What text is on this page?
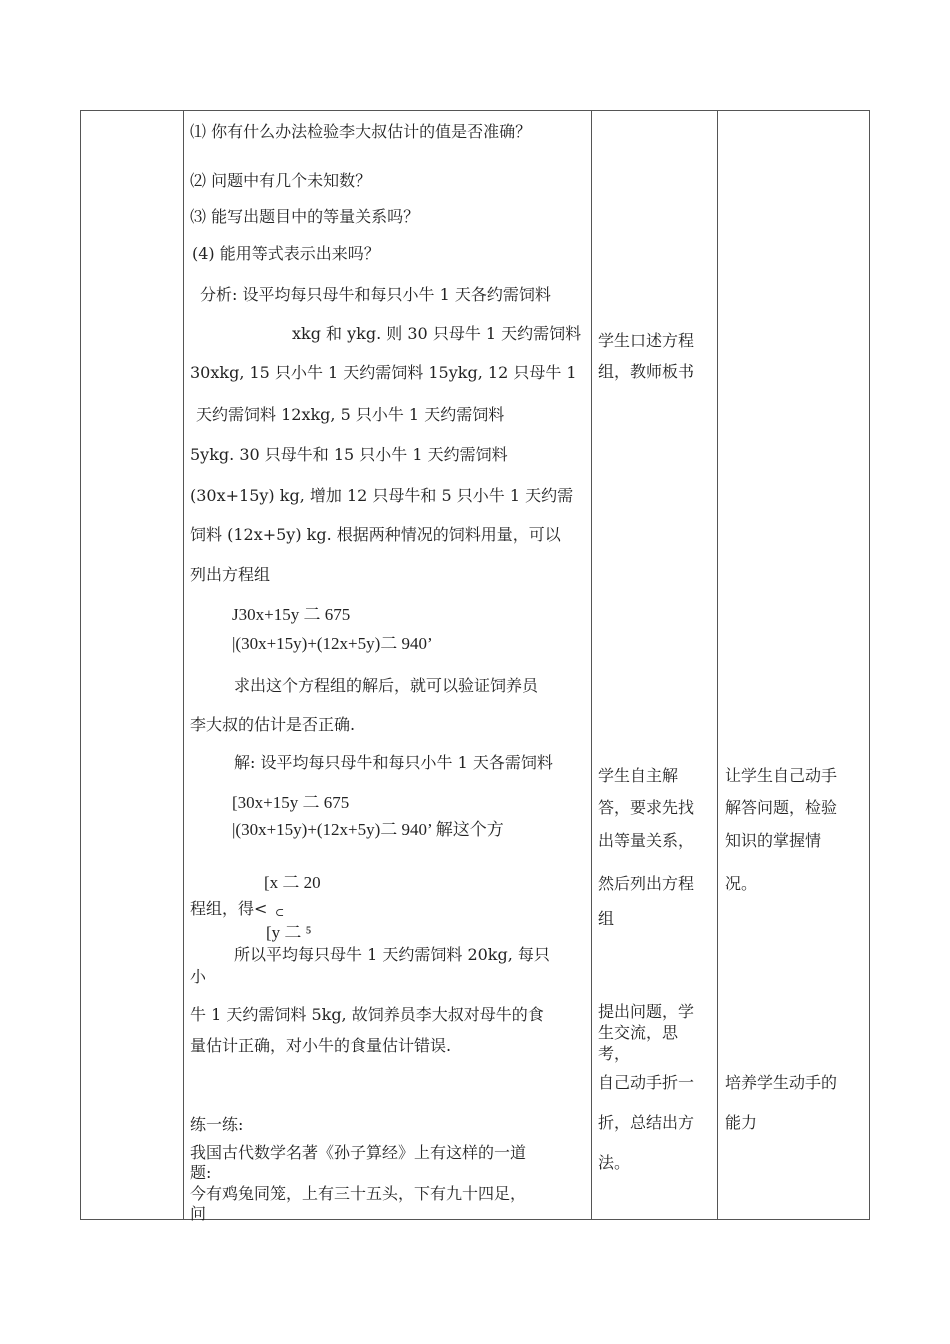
⑴ 你有什么办法检验李大叔估计的值是否准确？
⑵ 问题中有几个未知数？
⑶ 能写出题目中的等量关系吗？
(4) 能用等式表示出来吗？
分析: 设平均每只母牛和每只小牛 1 天各约需饲料
xkg 和 ykg. 则 30 只母牛 1 天约需饲料
30xkg, 15 只小牛 1 天约需饲料 15ykg, 12 只母牛 1
天约需饲料 12xkg, 5 只小牛 1 天约需饲料
5ykg. 30 只母牛和 15 只小牛 1 天约需饲料
(30x+15y) kg, 增加 12 只母牛和 5 只小牛 1 天约需
饲料 (12x+5y) kg. 根据两种情况的饲料用量，可以
列出方程组
J30x+15y 二 675
|(30x+15y)+(12x+5y)二 940’
求出这个方程组的解后，就可以验证饲养员
李大叔的估计是否正确.
解: 设平均每只母牛和每只小牛 1 天各需饲料
[30x+15y 二 675
|(30x+15y)+(12x+5y)二 940’ 解这个方
[x 二 20
程组，得< ⊂
[y 二 ⁵
所以平均每只母牛 1 天约需饲料 20kg, 每只
小
牛 1 天约需饲料 5kg, 故饲养员李大叔对母牛的食
量估计正确，对小牛的食量估计错误.
练一练:
我国古代数学名著《孙子算经》上有这样的一道
题:
今有鸡兔同笼，上有三十五头，下有九十四足，
问
学生口述方程
组，教师板书
学生自主解
答，要求先找
出等量关系，
然后列出方程
组
提出问题，学
生交流，思
考，
自己动手折一
折，总结出方
法。
让学生自己动手
解答问题，检验
知识的掌握情
况。
培养学生动手的
能力
